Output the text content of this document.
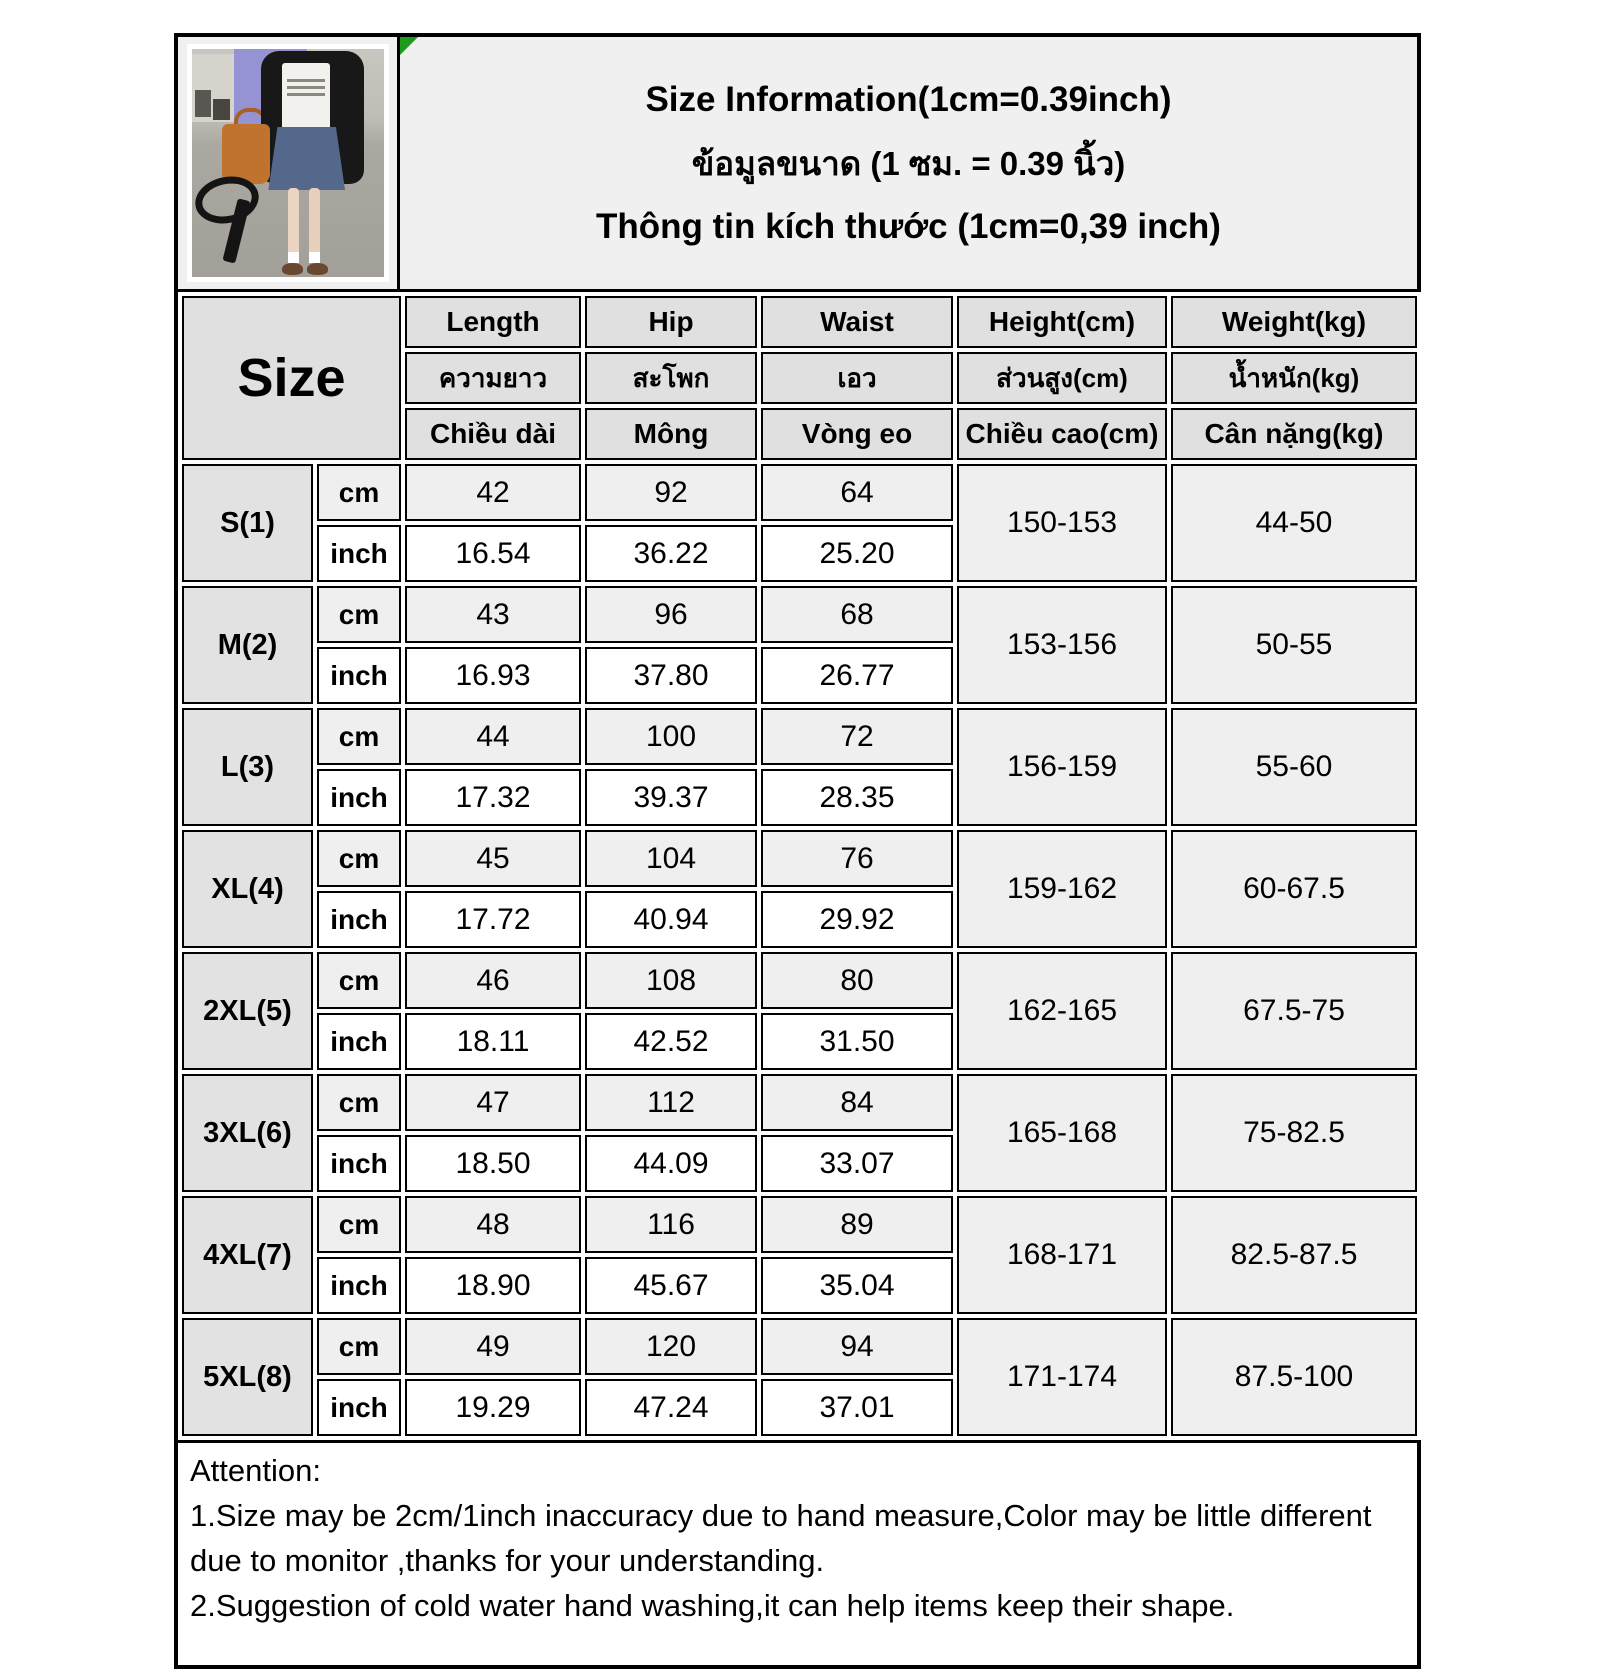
Size Information(1cm=0.39inch)
ข้อมูลขนาด (1 ซม. = 0.39 นิ้ว)
Thông tin kích thước (1cm=0,39 inch)
Size		Length	Hip	Waist	Height(cm)	Weight(kg)
		ความยาว	สะโพก	เอว	ส่วนสูง(cm)	น้ำหนัก(kg)
		Chiều dài	Mông	Vòng eo	Chiều cao(cm)	Cân nặng(kg)
S(1)	cm	42	92	64	150-153	44-50
	inch	16.54	36.22	25.20		
M(2)	cm	43	96	68	153-156	50-55
	inch	16.93	37.80	26.77		
L(3)	cm	44	100	72	156-159	55-60
	inch	17.32	39.37	28.35		
XL(4)	cm	45	104	76	159-162	60-67.5
	inch	17.72	40.94	29.92		
2XL(5)	cm	46	108	80	162-165	67.5-75
	inch	18.11	42.52	31.50		
3XL(6)	cm	47	112	84	165-168	75-82.5
	inch	18.50	44.09	33.07		
4XL(7)	cm	48	116	89	168-171	82.5-87.5
	inch	18.90	45.67	35.04		
5XL(8)	cm	49	120	94	171-174	87.5-100
	inch	19.29	47.24	37.01		
Attention:
1.Size may be 2cm/1inch inaccuracy due to hand measure,Color may be little different due to monitor ,thanks for your understanding.
2.Suggestion of cold water hand washing,it can help items keep their shape.
